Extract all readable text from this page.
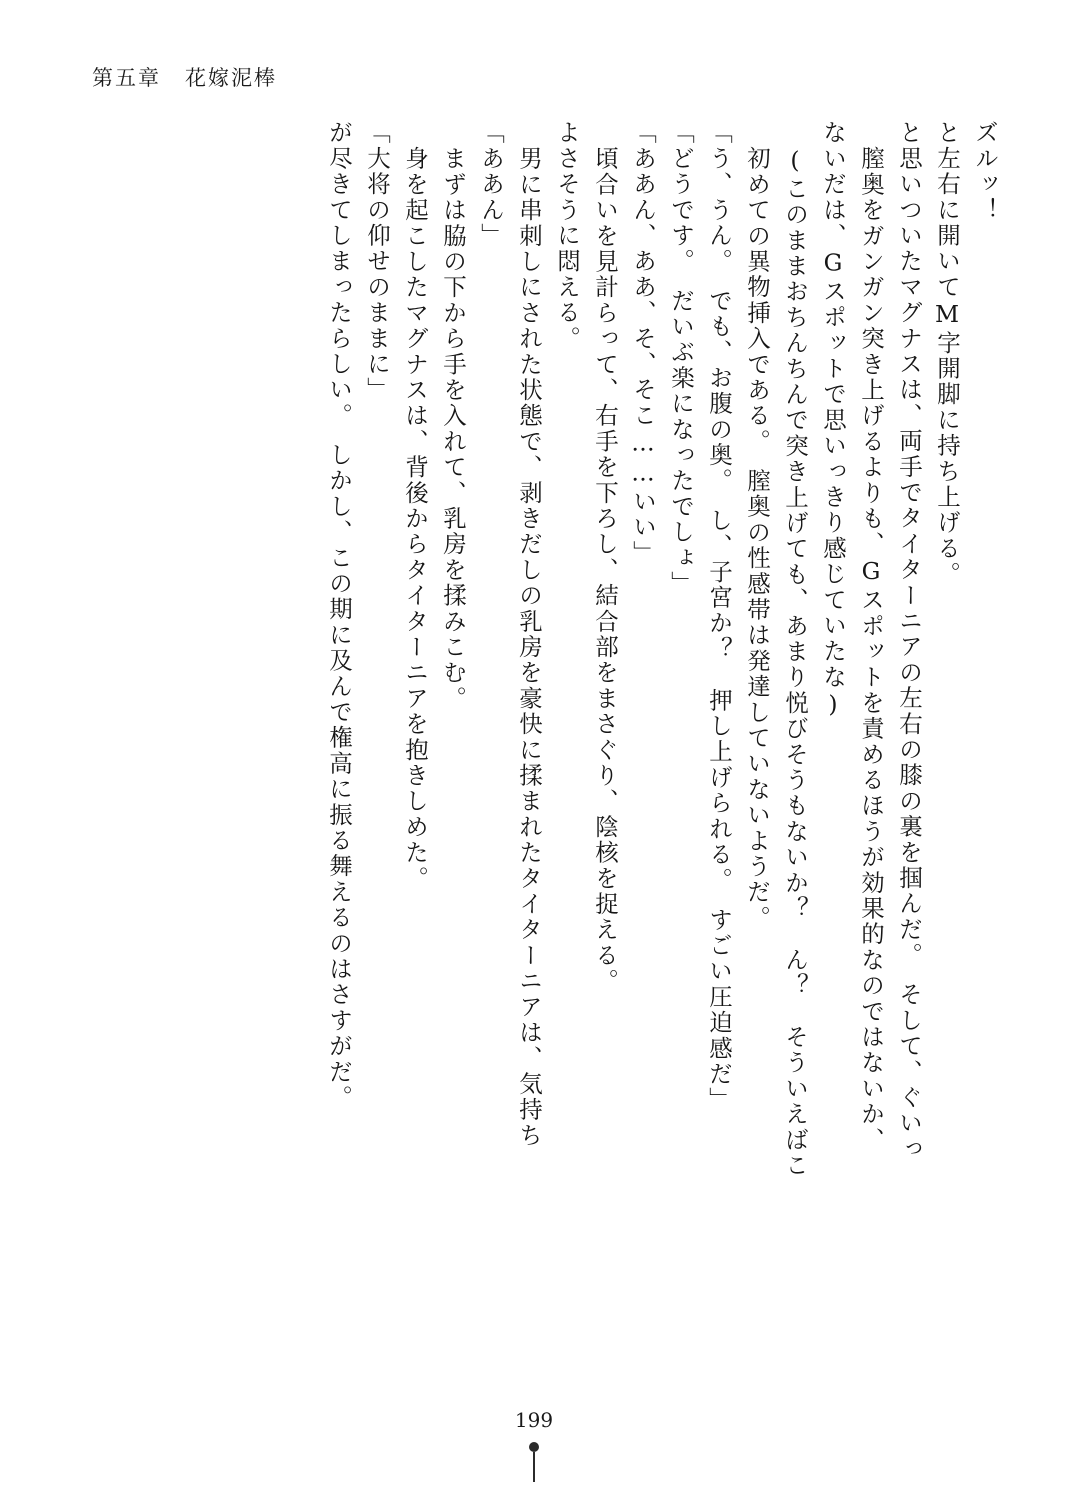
第五章 花嫁泥棒
が尽きてしまったらしい。　しかし、この期に及んで権高に振る舞えるのはさすがだ。 「大将の仰せのままに」 身を起こしたマグナスは、背後からタイターニアを抱きしめた。 まずは脇の下から手を入れて、乳房を揉みこむ。 「ああん」 男に串刺しにされた状態で、剥きだしの乳房を豪快に揉まれたタイターニアは、気持ち よさそうに悶える。 頃合いを見計らって、右手を下ろし、結合部をまさぐり、陰核を捉える。 「ああん、ああ、そ、そこ……いい」 「どうです。　だいぶ楽になったでしょ」 「う、うん。　でも、お腹の奥。　し、子宮か？　押し上げられる。　すごい圧迫感だ」 初めての異物挿入である。　膣奥の性感帯は発達していないようだ。 (このままおちんちんで突き上げても、あまり悦びそうもないか？　ん？　そういえばこ ないだは、Gスポットで思いっきり感じていたな) 膣奥をガンガン突き上げるよりも、Gスポットを責めるほうが効果的なのではないか、 と思いついたマグナスは、両手でタイターニアの左右の膝の裏を掴んだ。　そして、ぐいっ と左右に開いてM字開脚に持ち上げる。 ズルッ！
199
